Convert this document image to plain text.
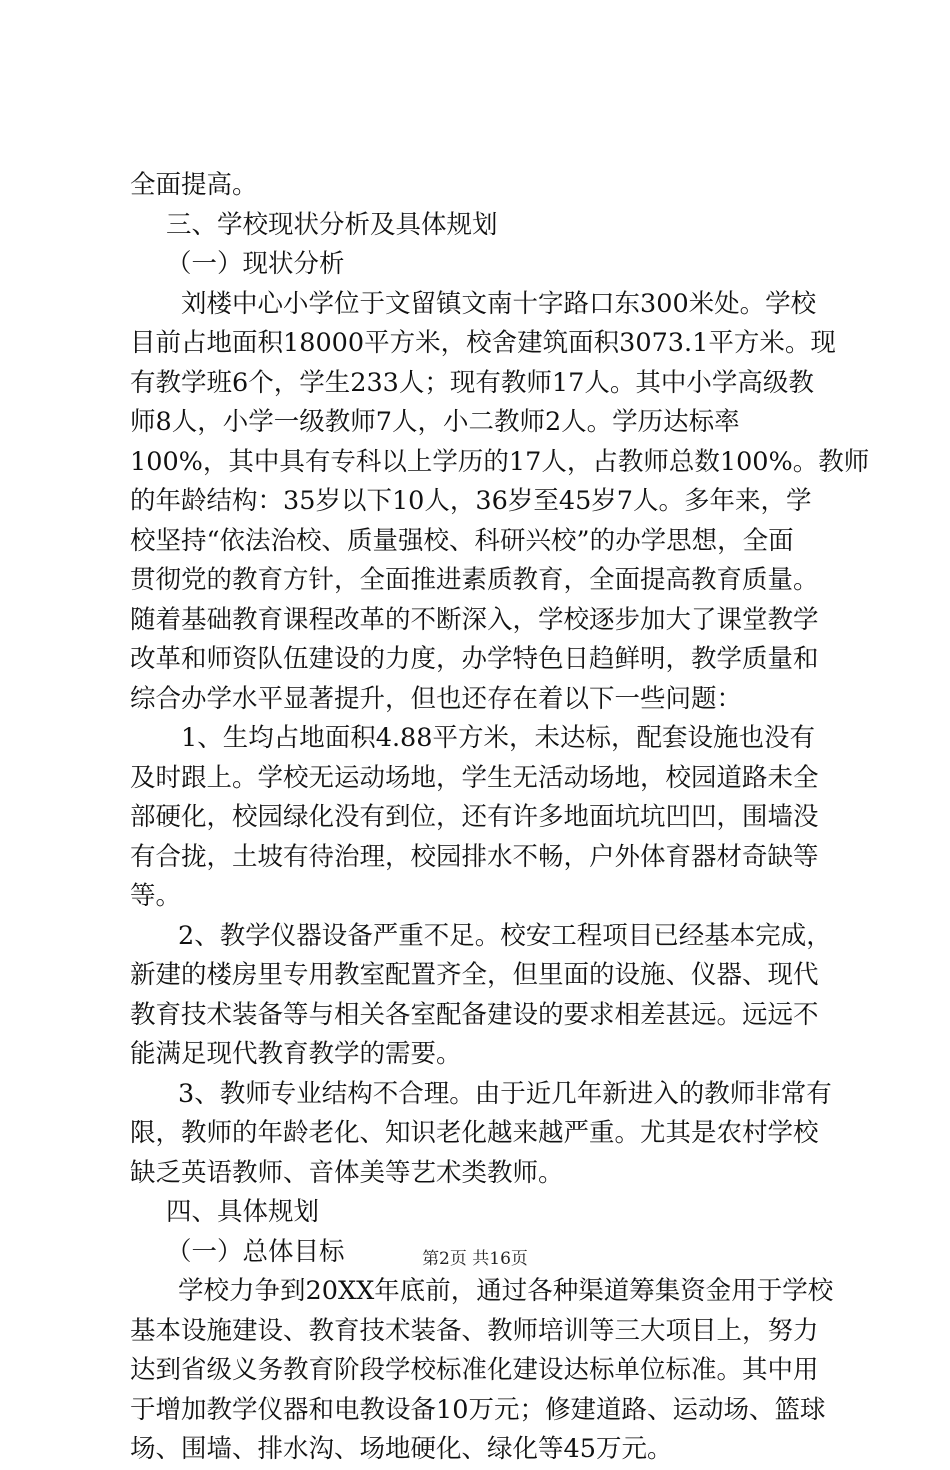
全面提高。

三、学校现状分析及具体规划

（一）现状分析

刘楼中心小学位于文留镇文南十字路口东300米处。学校

目前占地面积18000平方米，校舍建筑面积3073.1平方米。现

有教学班6个，学生233人；现有教师17人。其中小学高级教

师8人，小学一级教师7人，小二教师2人。学历达标率

100%，其中具有专科以上学历的17人，占教师总数100%。教师

的年龄结构：35岁以下10人，36岁至45岁7人。多年来，学

校坚持“依法治校、质量强校、科研兴校”的办学思想，全面

贯彻党的教育方针，全面推进素质教育，全面提高教育质量。

随着基础教育课程改革的不断深入，学校逐步加大了课堂教学

改革和师资队伍建设的力度，办学特色日趋鲜明，教学质量和

综合办学水平显著提升，但也还存在着以下一些问题：

1、生均占地面积4.88平方米，未达标，配套设施也没有

及时跟上。学校无运动场地，学生无活动场地，校园道路未全

部硬化，校园绿化没有到位，还有许多地面坑坑凹凹，围墙没

有合拢，土坡有待治理，校园排水不畅，户外体育器材奇缺等

等。

2、教学仪器设备严重不足。校安工程项目已经基本完成，

新建的楼房里专用教室配置齐全，但里面的设施、仪器、现代

教育技术装备等与相关各室配备建设的要求相差甚远。远远不

能满足现代教育教学的需要。

3、教师专业结构不合理。由于近几年新进入的教师非常有

限，教师的年龄老化、知识老化越来越严重。尤其是农村学校

缺乏英语教师、音体美等艺术类教师。

四、具体规划

（一）总体目标

学校力争到20XX年底前，通过各种渠道筹集资金用于学校

基本设施建设、教育技术装备、教师培训等三大项目上，努力

达到省级义务教育阶段学校标准化建设达标单位标准。其中用

于增加教学仪器和电教设备10万元；修建道路、运动场、篮球

场、围墙、排水沟、场地硬化、绿化等45万元。

第2页 共16页
